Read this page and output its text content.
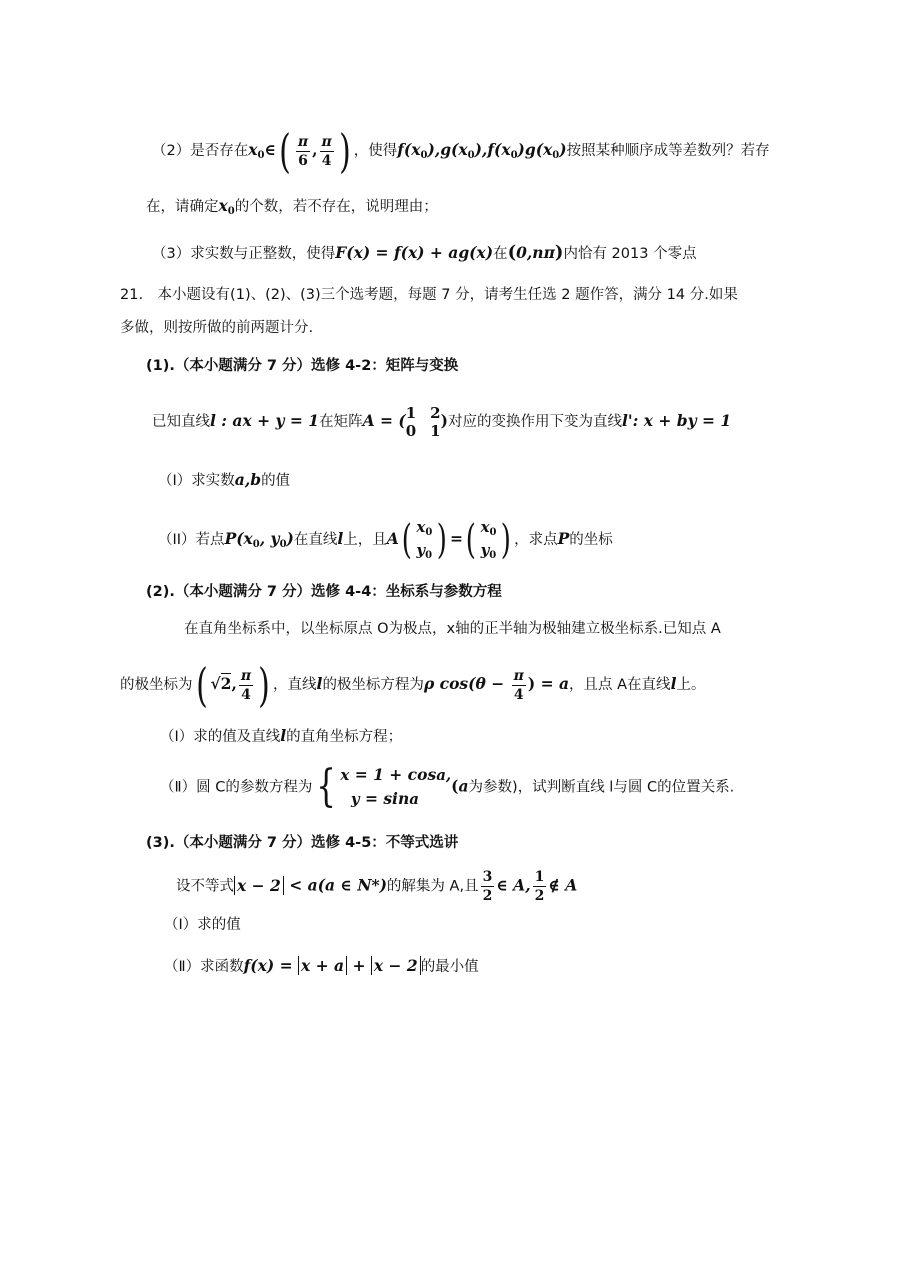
（2）是否存在$x_0\in( \frac{\pi}{6}$ , $\frac{\pi}{4}$ ) ，使得$f(x_0),g(x_0),f(x_0)g(x_0)$按照某种顺序成等差数列？若存
在，请确定$x_0$的个数，若不存在，说明理由；
（3）求实数与正整数，使得F(x) = f(x) + ag(x)在(0,nπ)内恰有 2013 个零点
21.　本小题设有(1)、(2)、(3)三个选考题，每题 7 分，请考生任选 2 题作答，满分 14 分.如果
多做，则按所做的前两题计分.
(1).（本小题满分 7 分）选修 4-2：矩阵与变换
已知直线l : ax + y = 1在矩阵A = ( 1 2
0 1
)对应的变换作用下变为直线l': x + by = 1
（I）求实数a,b的值
（II）若点$P(x_0$, $y_0$)在直线l上，且A( $x_0$
$y_0$ ) =( $x_0$
$y_0$ ) ，求点P的坐标
(2).（本小题满分 7 分）选修 4-4：坐标系与参数方程
在直角坐标系中，以坐标原点 O为极点，x轴的正半轴为极轴建立极坐标系.已知点 A
的极坐标为( √2, $\frac{\pi}{4}$ ) ，直线l的极坐标方程为ρ $\cos(\theta - \frac{\pi}{4}$ ) = a，且点 A在直线l上。
（Ⅰ）求的值及直线l的直角坐标方程；
（Ⅱ）圆 C的参数方程为{ x = 1 + cosa,
y = sina
(a为参数)，试判断直线 l与圆 C的位置关系.
(3).（本小题满分 7 分）选修 4-5：不等式选讲
设不等式 x − 2 < a(a ∈ N*)的解集为 A,且 $\frac{3}{2}$ ∈ A, $\frac{1}{2}$ ∉ A
（Ⅰ）求的值
（Ⅱ）求函数f(x) = x + a + x − 2 的最小值
